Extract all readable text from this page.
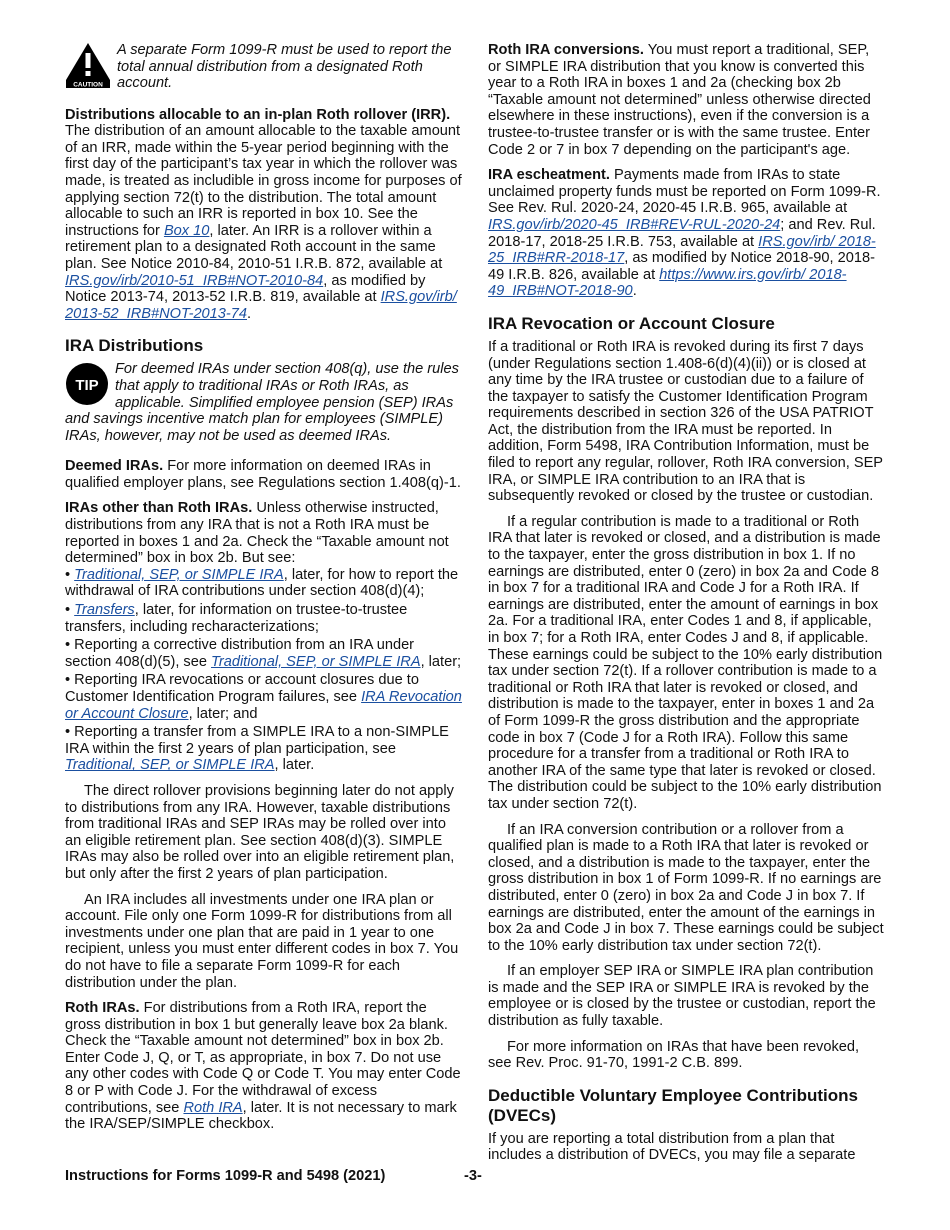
CAUTION
A separate Form 1099-R must be used to report the total annual distribution from a designated Roth account.

Distributions allocable to an in-plan Roth rollover (IRR). The distribution of an amount allocable to the taxable amount of an IRR, made within the 5-year period beginning with the first day of the participant’s tax year in which the rollover was made, is treated as includible in gross income for purposes of applying section 72(t) to the distribution. The total amount allocable to such an IRR is reported in box 10. See the instructions for Box 10, later. An IRR is a rollover within a retirement plan to a designated Roth account in the same plan. See Notice 2010-84, 2010-51 I.R.B. 872, available at IRS.gov/irb/2010-51_IRB#NOT-2010-84, as modified by Notice 2013-74, 2013-52 I.R.B. 819, available at IRS.gov/irb/ 2013-52_IRB#NOT-2013-74.

IRA Distributions
TIP
For deemed IRAs under section 408(q), use the rules that apply to traditional IRAs or Roth IRAs, as applicable. Simplified employee pension (SEP) IRAs and savings incentive match plan for employees (SIMPLE) IRAs, however, may not be used as deemed IRAs.

Deemed IRAs. For more information on deemed IRAs in qualified employer plans, see Regulations section 1.408(q)-1.

IRAs other than Roth IRAs. Unless otherwise instructed, distributions from any IRA that is not a Roth IRA must be reported in boxes 1 and 2a. Check the “Taxable amount not determined” box in box 2b. But see:

• Traditional, SEP, or SIMPLE IRA, later, for how to report the withdrawal of IRA contributions under section 408(d)(4);
• Transfers, later, for information on trustee-to-trustee transfers, including recharacterizations;
• Reporting a corrective distribution from an IRA under section 408(d)(5), see Traditional, SEP, or SIMPLE IRA, later;
• Reporting IRA revocations or account closures due to Customer Identification Program failures, see IRA Revocation or Account Closure, later; and
• Reporting a transfer from a SIMPLE IRA to a non-SIMPLE IRA within the first 2 years of plan participation, see Traditional, SEP, or SIMPLE IRA, later.

The direct rollover provisions beginning later do not apply to distributions from any IRA. However, taxable distributions from traditional IRAs and SEP IRAs may be rolled over into an eligible retirement plan. See section 408(d)(3). SIMPLE IRAs may also be rolled over into an eligible retirement plan, but only after the first 2 years of plan participation.

An IRA includes all investments under one IRA plan or account. File only one Form 1099-R for distributions from all investments under one plan that are paid in 1 year to one recipient, unless you must enter different codes in box 7. You do not have to file a separate Form 1099-R for each distribution under the plan.

Roth IRAs. For distributions from a Roth IRA, report the gross distribution in box 1 but generally leave box 2a blank. Check the “Taxable amount not determined” box in box 2b. Enter Code J, Q, or T, as appropriate, in box 7. Do not use any other codes with Code Q or Code T. You may enter Code 8 or P with Code J. For the withdrawal of excess contributions, see Roth IRA, later. It is not necessary to mark the IRA/SEP/SIMPLE checkbox.

Roth IRA conversions. You must report a traditional, SEP, or SIMPLE IRA distribution that you know is converted this year to a Roth IRA in boxes 1 and 2a (checking box 2b “Taxable amount not determined” unless otherwise directed elsewhere in these instructions), even if the conversion is a trustee-to-trustee transfer or is with the same trustee. Enter Code 2 or 7 in box 7 depending on the participant's age.

IRA escheatment. Payments made from IRAs to state unclaimed property funds must be reported on Form 1099-R. See Rev. Rul. 2020-24, 2020-45 I.R.B. 965, available at IRS.gov/irb/2020-45_IRB#REV-RUL-2020-24; and Rev. Rul. 2018-17, 2018-25 I.R.B. 753, available at IRS.gov/irb/ 2018-25_IRB#RR-2018-17, as modified by Notice 2018-90, 2018-49 I.R.B. 826, available at https://www.irs.gov/irb/ 2018-49_IRB#NOT-2018-90.

IRA Revocation or Account Closure

If a traditional or Roth IRA is revoked during its first 7 days (under Regulations section 1.408-6(d)(4)(ii)) or is closed at any time by the IRA trustee or custodian due to a failure of the taxpayer to satisfy the Customer Identification Program requirements described in section 326 of the USA PATRIOT Act, the distribution from the IRA must be reported. In addition, Form 5498, IRA Contribution Information, must be filed to report any regular, rollover, Roth IRA conversion, SEP IRA, or SIMPLE IRA contribution to an IRA that is subsequently revoked or closed by the trustee or custodian.

If a regular contribution is made to a traditional or Roth IRA that later is revoked or closed, and a distribution is made to the taxpayer, enter the gross distribution in box 1. If no earnings are distributed, enter 0 (zero) in box 2a and Code 8 in box 7 for a traditional IRA and Code J for a Roth IRA. If earnings are distributed, enter the amount of earnings in box 2a. For a traditional IRA, enter Codes 1 and 8, if applicable, in box 7; for a Roth IRA, enter Codes J and 8, if applicable. These earnings could be subject to the 10% early distribution tax under section 72(t). If a rollover contribution is made to a traditional or Roth IRA that later is revoked or closed, and distribution is made to the taxpayer, enter in boxes 1 and 2a of Form 1099-R the gross distribution and the appropriate code in box 7 (Code J for a Roth IRA). Follow this same procedure for a transfer from a traditional or Roth IRA to another IRA of the same type that later is revoked or closed. The distribution could be subject to the 10% early distribution tax under section 72(t).

If an IRA conversion contribution or a rollover from a qualified plan is made to a Roth IRA that later is revoked or closed, and a distribution is made to the taxpayer, enter the gross distribution in box 1 of Form 1099-R. If no earnings are distributed, enter 0 (zero) in box 2a and Code J in box 7. If earnings are distributed, enter the amount of the earnings in box 2a and Code J in box 7. These earnings could be subject to the 10% early distribution tax under section 72(t).

If an employer SEP IRA or SIMPLE IRA plan contribution is made and the SEP IRA or SIMPLE IRA is revoked by the employee or is closed by the trustee or custodian, report the distribution as fully taxable.

For more information on IRAs that have been revoked, see Rev. Proc. 91-70, 1991-2 C.B. 899.

Deductible Voluntary Employee Contributions (DVECs)

If you are reporting a total distribution from a plan that includes a distribution of DVECs, you may file a separate

Instructions for Forms 1099-R and 5498 (2021)	-3-
